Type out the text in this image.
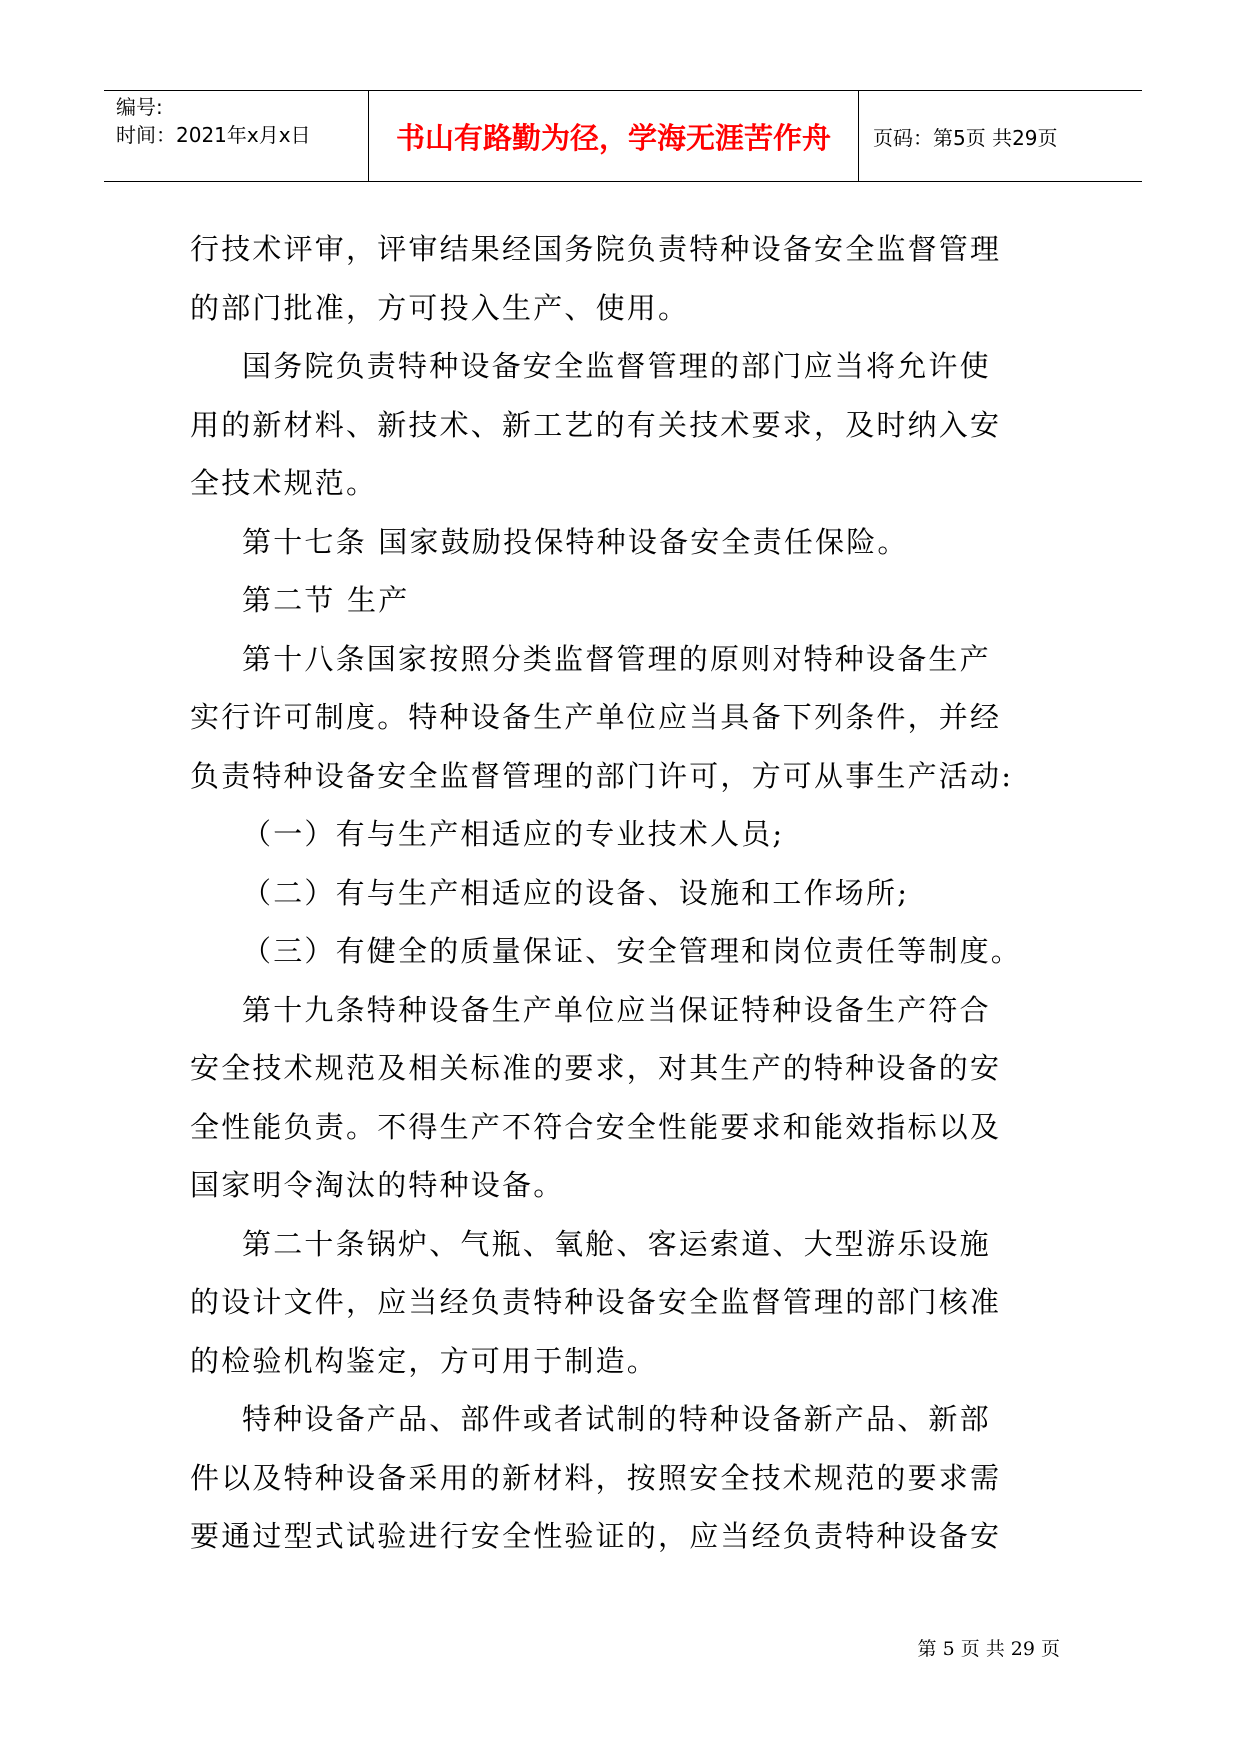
编号:
时间：2021年x月x日	书山有路勤为径，学海无涯苦作舟	页码：第5页 共29页

行技术评审，评审结果经国务院负责特种设备安全监督管理

的部门批准，方可投入生产、使用。

国务院负责特种设备安全监督管理的部门应当将允许使

用的新材料、新技术、新工艺的有关技术要求，及时纳入安

全技术规范。

第十七条 国家鼓励投保特种设备安全责任保险。

第二节 生产

第十八条国家按照分类监督管理的原则对特种设备生产

实行许可制度。特种设备生产单位应当具备下列条件，并经

负责特种设备安全监督管理的部门许可，方可从事生产活动:

（一）有与生产相适应的专业技术人员;

（二）有与生产相适应的设备、设施和工作场所;

（三）有健全的质量保证、安全管理和岗位责任等制度。

第十九条特种设备生产单位应当保证特种设备生产符合

安全技术规范及相关标准的要求，对其生产的特种设备的安

全性能负责。不得生产不符合安全性能要求和能效指标以及

国家明令淘汰的特种设备。

第二十条锅炉、气瓶、氧舱、客运索道、大型游乐设施

的设计文件，应当经负责特种设备安全监督管理的部门核准

的检验机构鉴定，方可用于制造。

特种设备产品、部件或者试制的特种设备新产品、新部

件以及特种设备采用的新材料，按照安全技术规范的要求需

要通过型式试验进行安全性验证的，应当经负责特种设备安

第 5 页 共 29 页
